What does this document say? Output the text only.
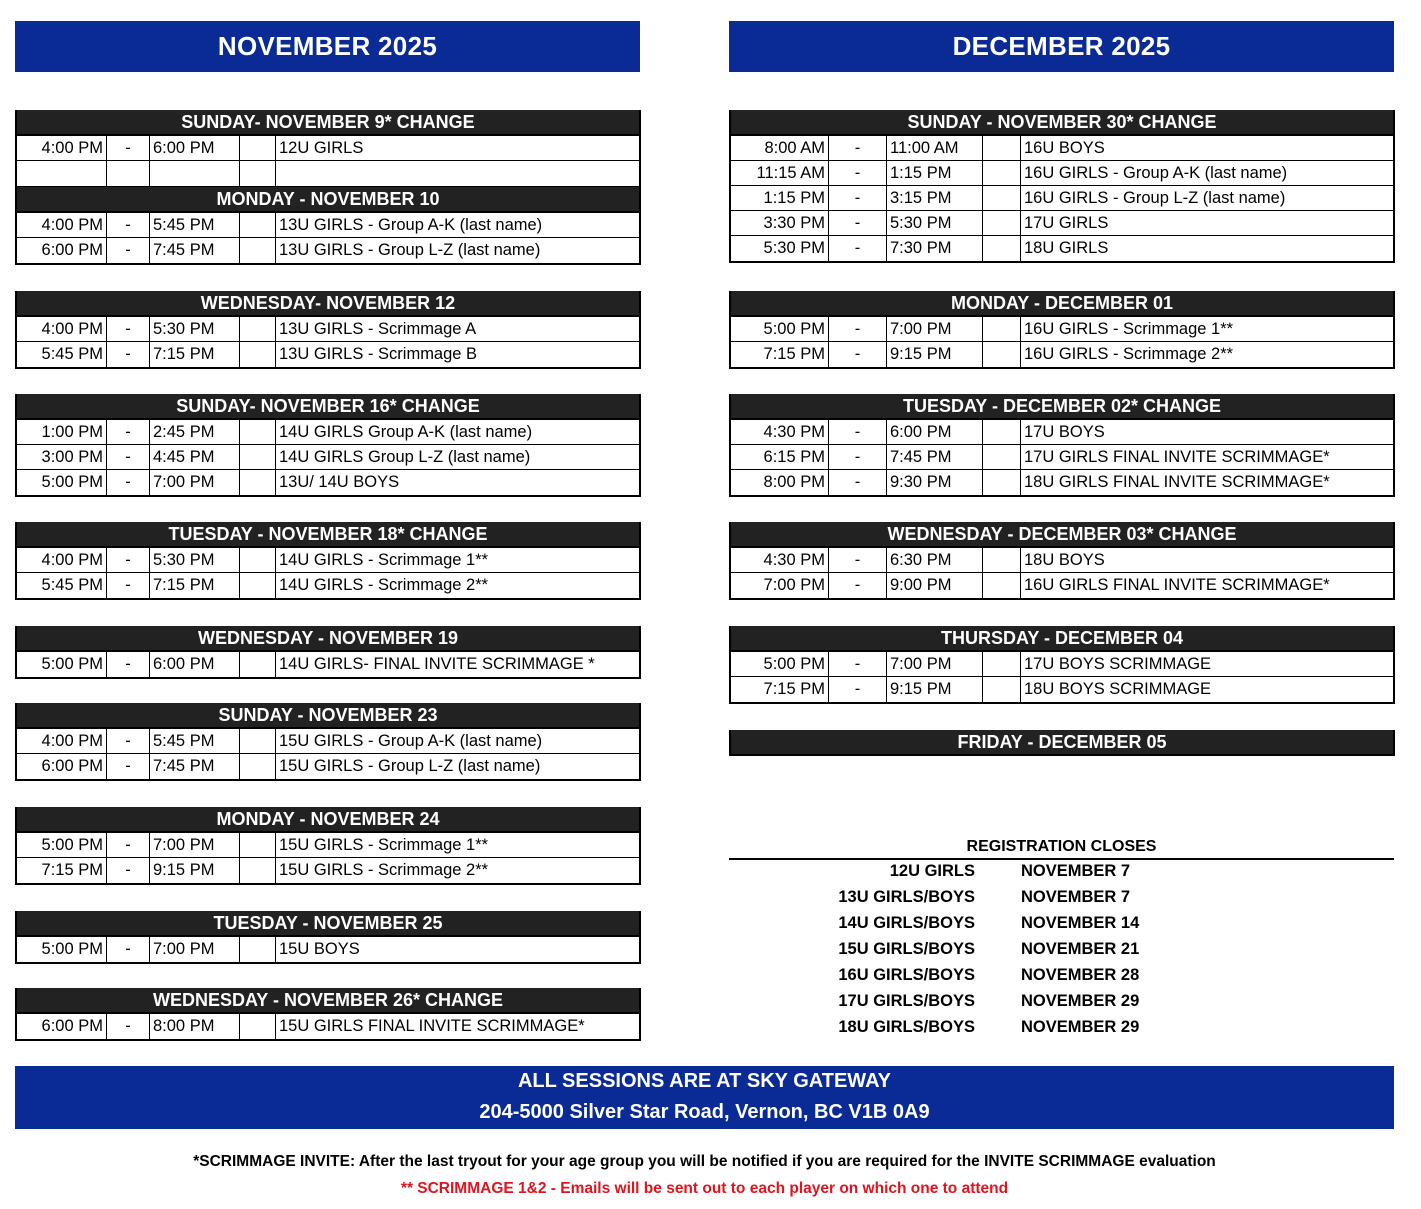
NOVEMBER 2025	DECEMBER 2025
SUNDAY- NOVEMBER 9* CHANGE
4:00 PM	-	6:00 PM	12U GIRLS
MONDAY - NOVEMBER 10
4:00 PM	-	5:45 PM	13U GIRLS - Group A-K (last name)
6:00 PM	-	7:45 PM	13U GIRLS - Group L-Z (last name)
WEDNESDAY- NOVEMBER 12
4:00 PM	-	5:30 PM	13U GIRLS - Scrimmage A
5:45 PM	-	7:15 PM	13U GIRLS - Scrimmage B
SUNDAY- NOVEMBER 16* CHANGE
1:00 PM	-	2:45 PM	14U GIRLS Group A-K (last name)
3:00 PM	-	4:45 PM	14U GIRLS Group L-Z (last name)
5:00 PM	-	7:00 PM	13U/ 14U BOYS
TUESDAY - NOVEMBER 18* CHANGE
4:00 PM	-	5:30 PM	14U GIRLS - Scrimmage 1**
5:45 PM	-	7:15 PM	14U GIRLS - Scrimmage 2**
WEDNESDAY - NOVEMBER 19
5:00 PM	-	6:00 PM	14U GIRLS- FINAL INVITE SCRIMMAGE *
SUNDAY - NOVEMBER 23
4:00 PM	-	5:45 PM	15U GIRLS - Group A-K (last name)
6:00 PM	-	7:45 PM	15U GIRLS - Group L-Z (last name)
MONDAY - NOVEMBER 24
5:00 PM	-	7:00 PM	15U GIRLS - Scrimmage 1**
7:15 PM	-	9:15 PM	15U GIRLS - Scrimmage 2**
TUESDAY - NOVEMBER 25
5:00 PM	-	7:00 PM	15U BOYS
WEDNESDAY - NOVEMBER 26* CHANGE
6:00 PM	-	8:00 PM	15U GIRLS FINAL INVITE SCRIMMAGE*
SUNDAY - NOVEMBER 30* CHANGE
8:00 AM	-	11:00 AM	16U BOYS
11:15 AM	-	1:15 PM	16U GIRLS - Group A-K (last name)
1:15 PM	-	3:15 PM	16U GIRLS - Group L-Z (last name)
3:30 PM	-	5:30 PM	17U GIRLS
5:30 PM	-	7:30 PM	18U GIRLS
MONDAY - DECEMBER 01
5:00 PM	-	7:00 PM	16U GIRLS - Scrimmage 1**
7:15 PM	-	9:15 PM	16U GIRLS - Scrimmage 2**
TUESDAY - DECEMBER 02* CHANGE
4:30 PM	-	6:00 PM	17U BOYS
6:15 PM	-	7:45 PM	17U GIRLS FINAL INVITE SCRIMMAGE*
8:00 PM	-	9:30 PM	18U GIRLS FINAL INVITE SCRIMMAGE*
WEDNESDAY - DECEMBER 03* CHANGE
4:30 PM	-	6:30 PM	18U BOYS
7:00 PM	-	9:00 PM	16U GIRLS FINAL INVITE SCRIMMAGE*
THURSDAY - DECEMBER 04
5:00 PM	-	7:00 PM	17U BOYS SCRIMMAGE
7:15 PM	-	9:15 PM	18U BOYS SCRIMMAGE
FRIDAY - DECEMBER 05
REGISTRATION CLOSES
12U GIRLS	NOVEMBER 7
13U GIRLS/BOYS	NOVEMBER 7
14U GIRLS/BOYS	NOVEMBER 14
15U GIRLS/BOYS	NOVEMBER 21
16U GIRLS/BOYS	NOVEMBER 28
17U GIRLS/BOYS	NOVEMBER 29
18U GIRLS/BOYS	NOVEMBER 29
ALL SESSIONS ARE AT SKY GATEWAY
204-5000 Silver Star Road, Vernon, BC V1B 0A9
*SCRIMMAGE INVITE: After the last tryout for your age group you will be notified if you are required for the INVITE SCRIMMAGE evaluation
** SCRIMMAGE 1&2 - Emails will be sent out to each player on which one to attend
